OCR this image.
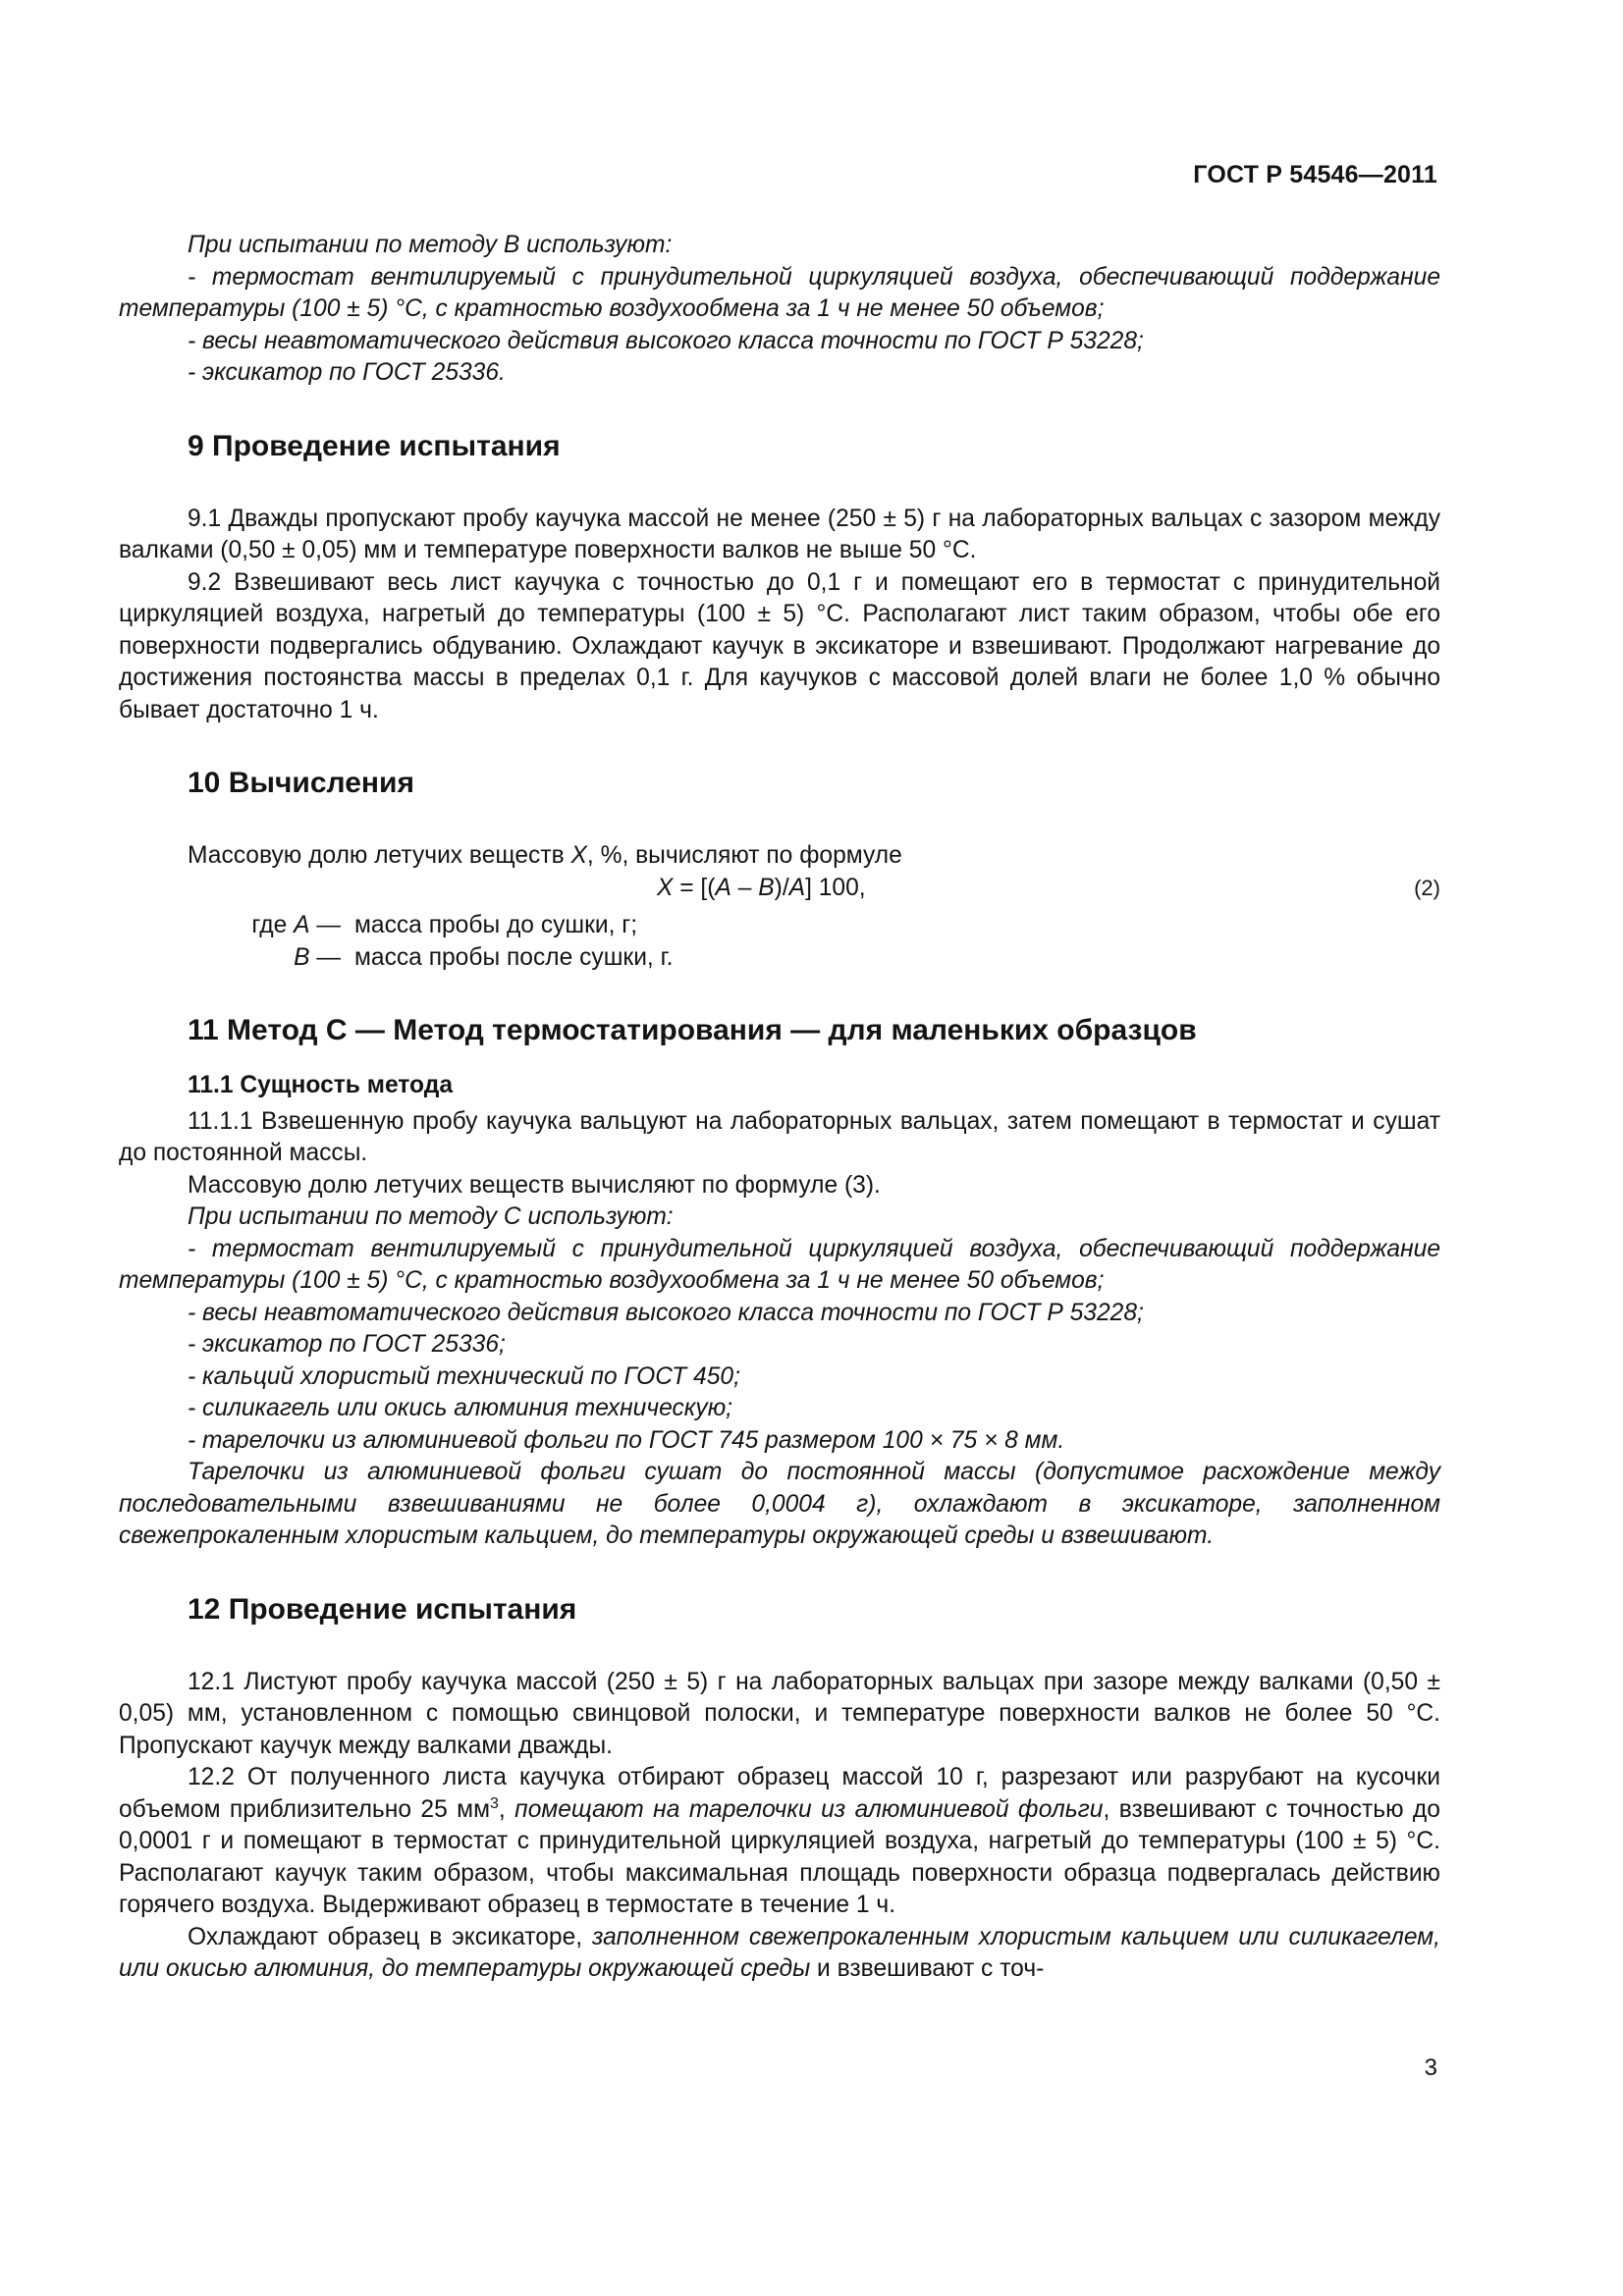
ГОСТ Р 54546—2011

При испытании по методу В используют:

- термостат вентилируемый с принудительной циркуляцией воздуха, обеспечивающий поддержание температуры (100 ± 5) °С, с кратностью воздухообмена за 1 ч не менее 50 объемов;

- весы неавтоматического действия высокого класса точности по ГОСТ Р 53228;

- эксикатор по ГОСТ 25336.

9 Проведение испытания

9.1 Дважды пропускают пробу каучука массой не менее (250 ± 5) г на лабораторных вальцах с зазором между валками (0,50 ± 0,05) мм и температуре поверхности валков не выше 50 °С.

9.2 Взвешивают весь лист каучука с точностью до 0,1 г и помещают его в термостат с принудительной циркуляцией воздуха, нагретый до температуры (100 ± 5) °С. Располагают лист таким образом, чтобы обе его поверхности подвергались обдуванию. Охлаждают каучук в эксикаторе и взвешивают. Продолжают нагревание до достижения постоянства массы в пределах 0,1 г. Для каучуков с массовой долей влаги не более 1,0 % обычно бывает достаточно 1 ч.

10 Вычисления

Массовую долю летучих веществ X, %, вычисляют по формуле

X = [(A – B)/A] 100,	(2)
где A — масса пробы до сушки, г;
B — масса пробы после сушки, г.
11 Метод С — Метод термостатирования — для маленьких образцов
11.1 Сущность метода

11.1.1 Взвешенную пробу каучука вальцуют на лабораторных вальцах, затем помещают в термостат и сушат до постоянной массы.

Массовую долю летучих веществ вычисляют по формуле (3).

При испытании по методу С используют:

- термостат вентилируемый с принудительной циркуляцией воздуха, обеспечивающий поддержание температуры (100 ± 5) °С, с кратностью воздухообмена за 1 ч не менее 50 объемов;

- весы неавтоматического действия высокого класса точности по ГОСТ Р 53228;

- эксикатор по ГОСТ 25336;

- кальций хлористый технический по ГОСТ 450;

- силикагель или окись алюминия техническую;

- тарелочки из алюминиевой фольги по ГОСТ 745 размером 100 × 75 × 8 мм.

Тарелочки из алюминиевой фольги сушат до постоянной массы (допустимое расхождение между последовательными взвешиваниями не более 0,0004 г), охлаждают в эксикаторе, заполненном свежепрокаленным хлористым кальцием, до температуры окружающей среды и взвешивают.

12 Проведение испытания

12.1 Листуют пробу каучука массой (250 ± 5) г на лабораторных вальцах при зазоре между валками (0,50 ± 0,05) мм, установленном с помощью свинцовой полоски, и температуре поверхности валков не более 50 °С. Пропускают каучук между валками дважды.

12.2 От полученного листа каучука отбирают образец массой 10 г, разрезают или разрубают на кусочки объемом приблизительно 25 $мм^3$, помещают на тарелочки из алюминиевой фольги, взвешивают с точностью до 0,0001 г и помещают в термостат с принудительной циркуляцией воздуха, нагретый до температуры (100 ± 5) °С. Располагают каучук таким образом, чтобы максимальная площадь поверхности образца подвергалась действию горячего воздуха. Выдерживают образец в термостате в течение 1 ч.

Охлаждают образец в эксикаторе, заполненном свежепрокаленным хлористым кальцием или силикагелем, или окисью алюминия, до температуры окружающей среды и взвешивают с точ-

3
